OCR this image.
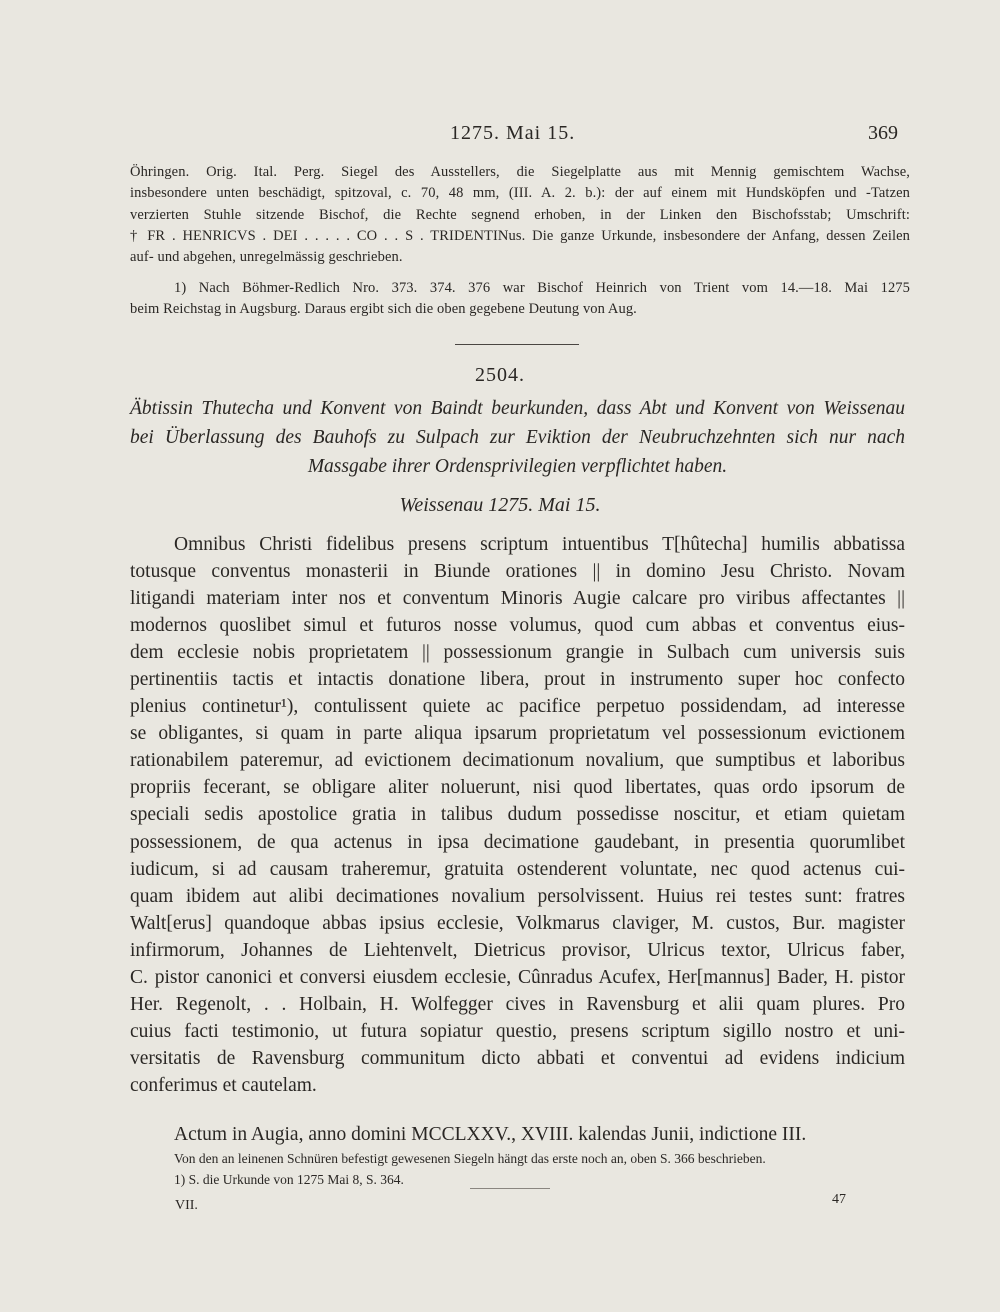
1275. Mai 15.	369
Öhringen. Orig. Ital. Perg. Siegel des Ausstellers, die Siegelplatte aus mit Mennig gemischtem Wachse,
insbesondere unten beschädigt, spitzoval, c. 70, 48 mm, (III. A. 2. b.): der auf einem mit Hundsköpfen und -Tatzen
verzierten Stuhle sitzende Bischof, die Rechte segnend erhoben, in der Linken den Bischofsstab; Umschrift:
† FR . HENRICVS . DEI . . . . . CO . . S . TRIDENTINus. Die ganze Urkunde, insbesondere der Anfang, dessen Zeilen
auf- und abgehen, unregelmässig geschrieben.
1) Nach Böhmer-Redlich Nro. 373. 374. 376 war Bischof Heinrich von Trient vom 14.—18. Mai 1275
beim Reichstag in Augsburg. Daraus ergibt sich die oben gegebene Deutung von Aug.
2504.
Äbtissin Thutecha und Konvent von Baindt beurkunden, dass Abt und Konvent von Weissenau
bei Überlassung des Bauhofs zu Sulpach zur Eviktion der Neubruchzehnten sich nur nach
Massgabe ihrer Ordensprivilegien verpflichtet haben.
Weissenau 1275. Mai 15.
Omnibus Christi fidelibus presens scriptum intuentibus T[hûtecha] humilis abbatissa
totusque conventus monasterii in Biunde orationes || in domino Jesu Christo. Novam
litigandi materiam inter nos et conventum Minoris Augie calcare pro viribus affectantes ||
modernos quoslibet simul et futuros nosse volumus, quod cum abbas et conventus eius-
dem ecclesie nobis proprietatem || possessionum grangie in Sulbach cum universis suis
pertinentiis tactis et intactis donatione libera, prout in instrumento super hoc confecto
plenius continetur¹), contulissent quiete ac pacifice perpetuo possidendam, ad interesse
se obligantes, si quam in parte aliqua ipsarum proprietatum vel possessionum evictionem
rationabilem pateremur, ad evictionem decimationum novalium, que sumptibus et laboribus
propriis fecerant, se obligare aliter noluerunt, nisi quod libertates, quas ordo ipsorum de
speciali sedis apostolice gratia in talibus dudum possedisse noscitur, et etiam quietam
possessionem, de qua actenus in ipsa decimatione gaudebant, in presentia quorumlibet
iudicum, si ad causam traheremur, gratuita ostenderent voluntate, nec quod actenus cui-
quam ibidem aut alibi decimationes novalium persolvissent. Huius rei testes sunt: fratres
Walt[erus] quandoque abbas ipsius ecclesie, Volkmarus claviger, M. custos, Bur. magister
infirmorum, Johannes de Liehtenvelt, Dietricus provisor, Ulricus textor, Ulricus faber,
C. pistor canonici et conversi eiusdem ecclesie, Cûnradus Acufex, Her[mannus] Bader, H. pistor
Her. Regenolt, . . Holbain, H. Wolfegger cives in Ravensburg et alii quam plures. Pro
cuius facti testimonio, ut futura sopiatur questio, presens scriptum sigillo nostro et uni-
versitatis de Ravensburg communitum dicto abbati et conventui ad evidens indicium
conferimus et cautelam.
Actum in Augia, anno domini MCCLXXV., XVIII. kalendas Junii, indictione III.
Von den an leinenen Schnüren befestigt gewesenen Siegeln hängt das erste noch an, oben S. 366 beschrieben.
1) S. die Urkunde von 1275 Mai 8, S. 364.
VII.	47
